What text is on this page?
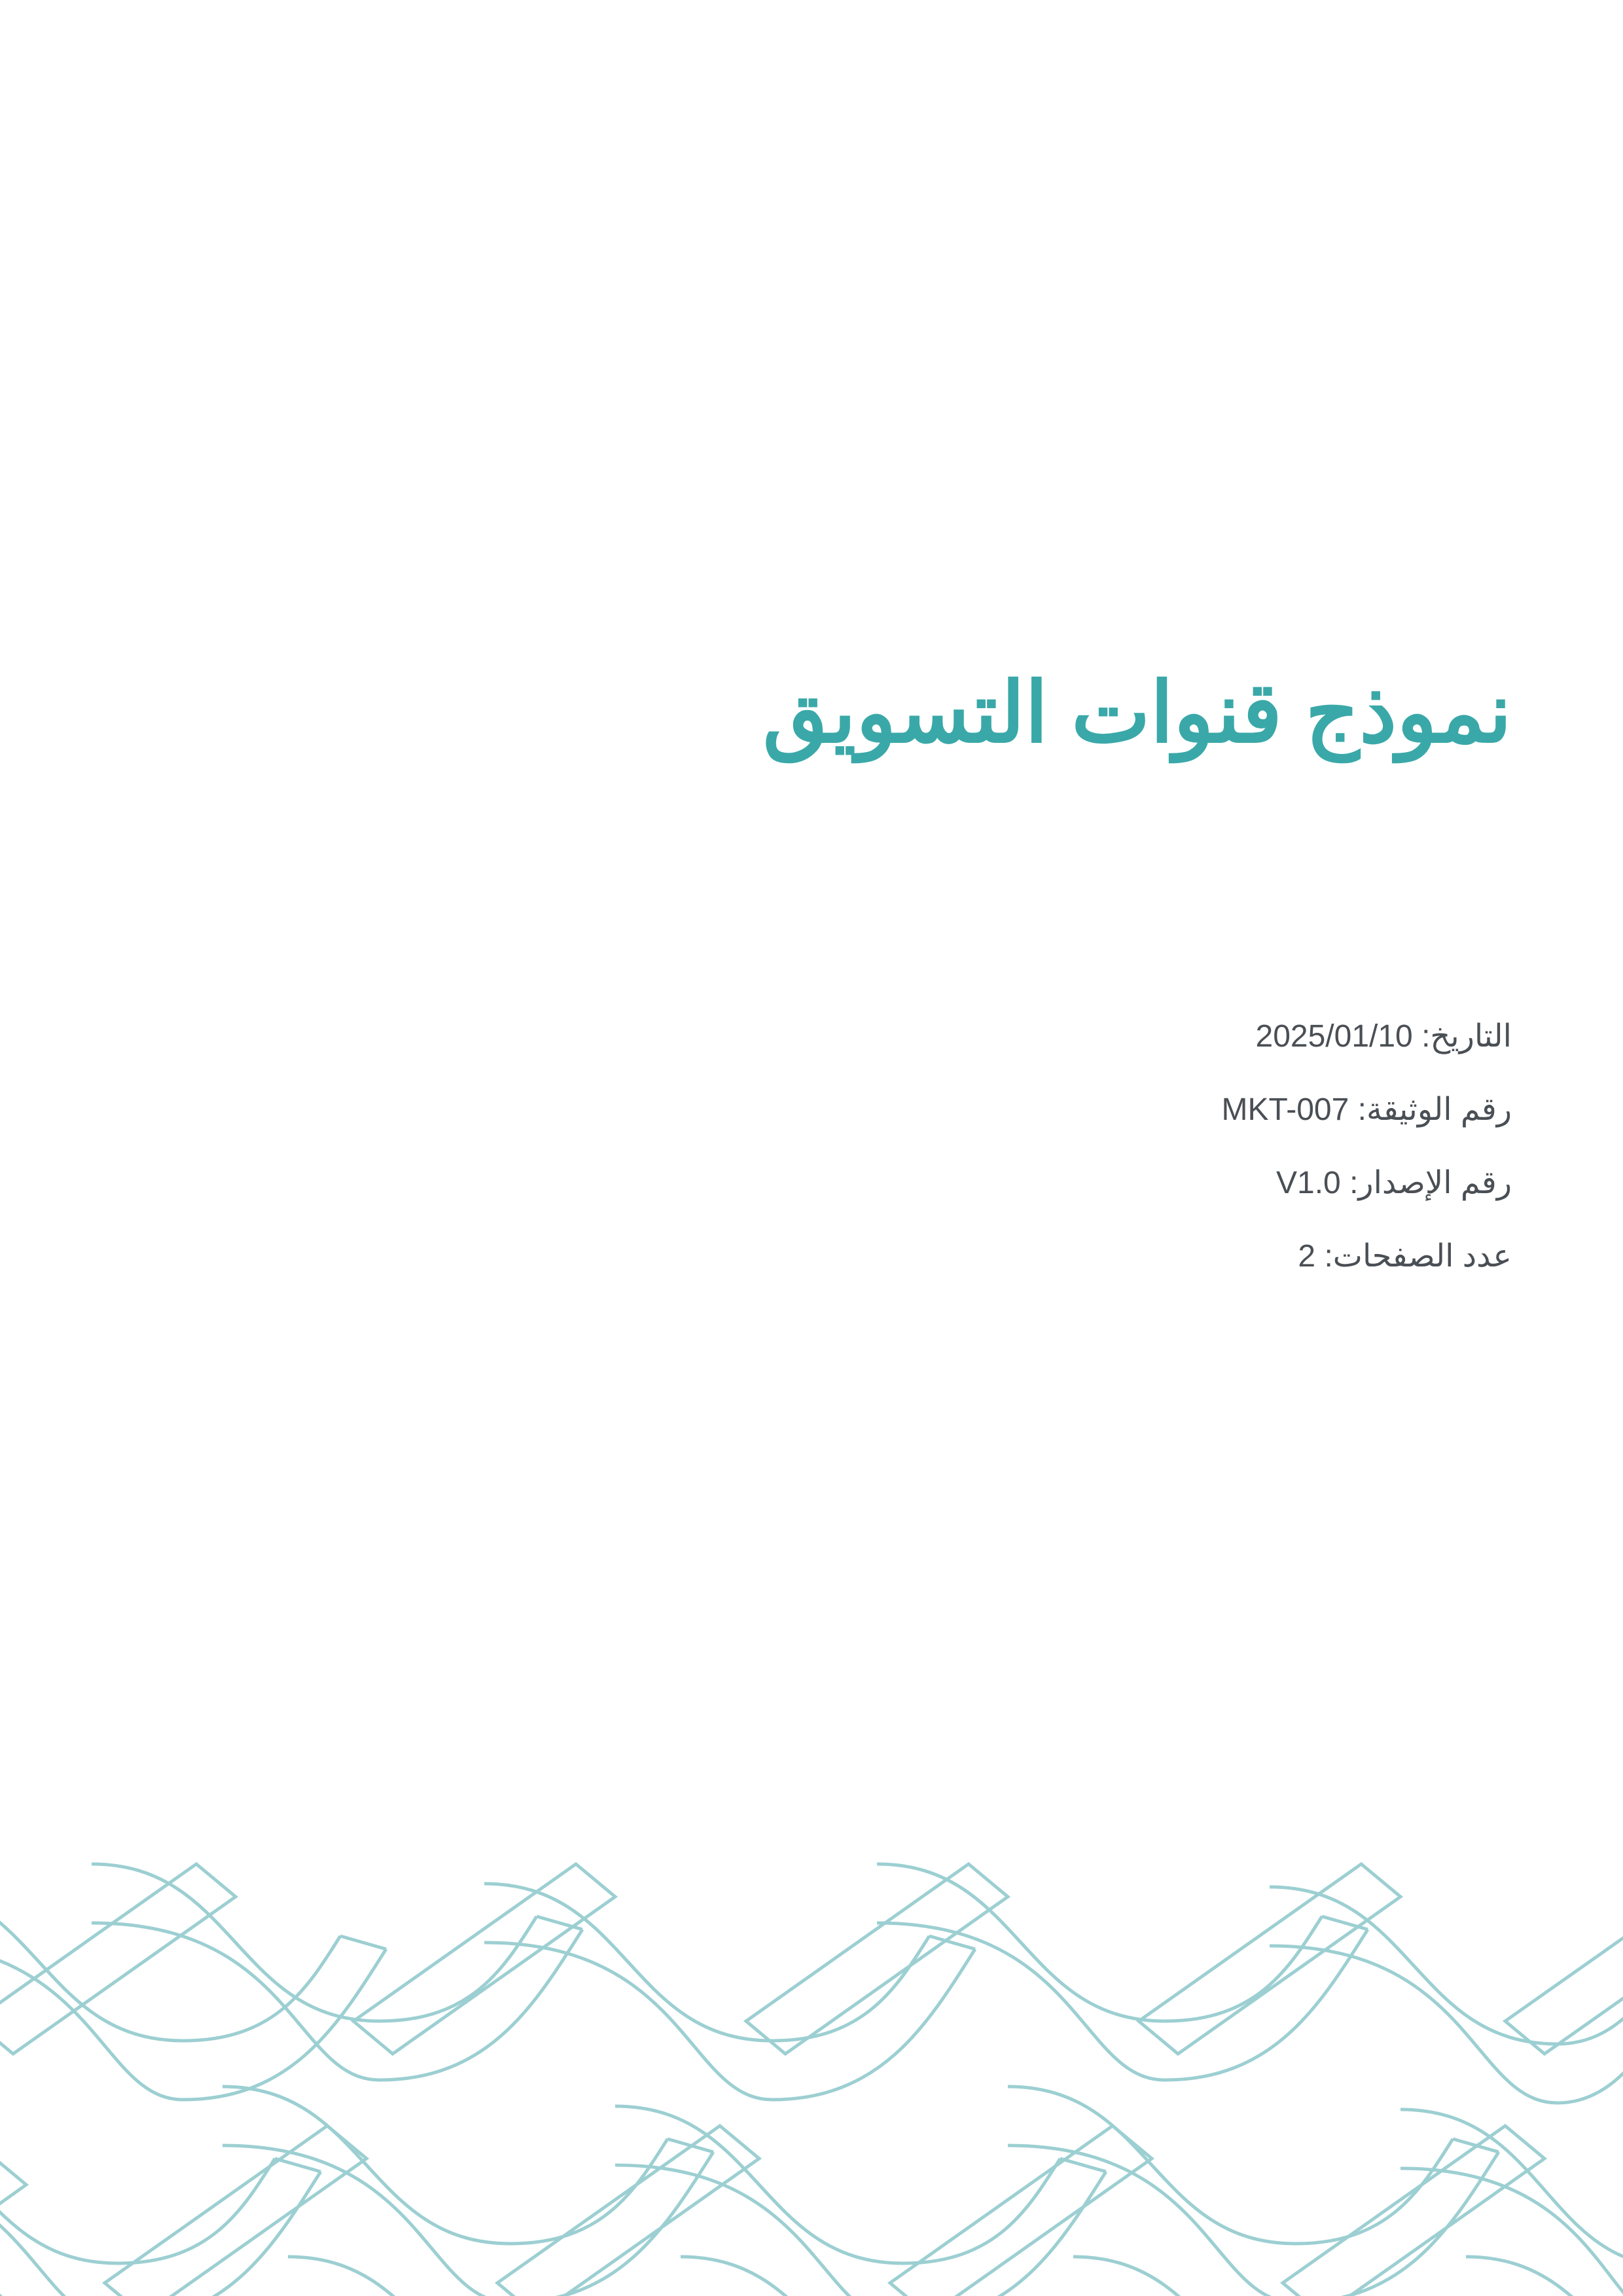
نموذج قنوات التسويق

التاريخ: 2025/01/10

رقم الوثيقة: MKT-007

رقم الإصدار: V1.0

عدد الصفحات: 2
